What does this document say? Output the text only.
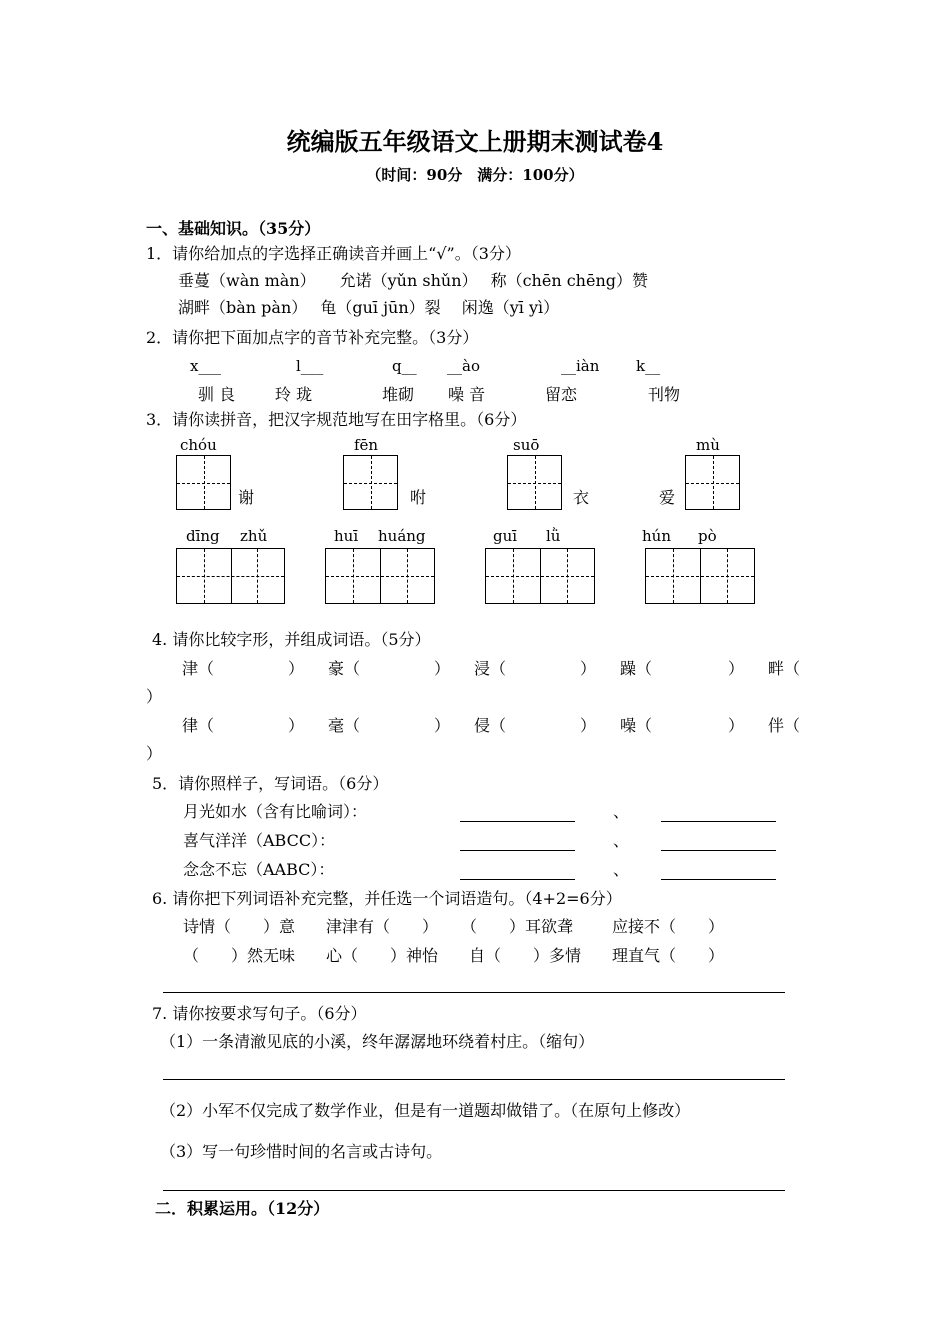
统编版五年级语文上册期末测试卷4
（时间：90分　满分：100分）
一、基础知识。（35分）
1．请你给加点的字选择正确读音并画上“√”。（3分）
垂蔓（wàn màn）　　允诺（yǔn shǔn）　 称（chēn chēng）赞
湖畔（bàn pàn）　 龟（guī jūn）裂　 闲逸（yī yì）
2．请你把下面加点字的音节补充完整。（3分）
x___	l___	q__ __ào	__iàn k__
驯 良 玲 珑	堆砌 噪 音	留恋	刊物
3．请你读拼音，把汉字规范地写在田字格里。（6分）
chóu
谢
fēn
咐
suō
衣
mù
爱
dīng zhǔ	huī huáng	guī lǜ	hún pò
4. 请你比较字形，并组成词语。（5分）
津（	） 豪（	） 浸（	） 躁（	） 畔（
）
律（	） 毫（	） 侵（	） 噪（	） 伴（
）
5．请你照样子，写词语。（6分）
月光如水（含有比喻词）：	、
喜气洋洋（ABCC）：	、
念念不忘（AABC）：	、
6. 请你把下列词语补充完整，并任选一个词语造句。（4+2=6分）
诗情（　　）意 津津有（　　） （　　）耳欲聋 应接不（　　）
（　　）然无味 心（　　）神怡 自（　　）多情 理直气（　　）
7. 请你按要求写句子。（6分）
（1）一条清澈见底的小溪，终年潺潺地环绕着村庄。（缩句）
（2）小军不仅完成了数学作业，但是有一道题却做错了。（在原句上修改）
（3）写一句珍惜时间的名言或古诗句。
二．积累运用。（12分）
